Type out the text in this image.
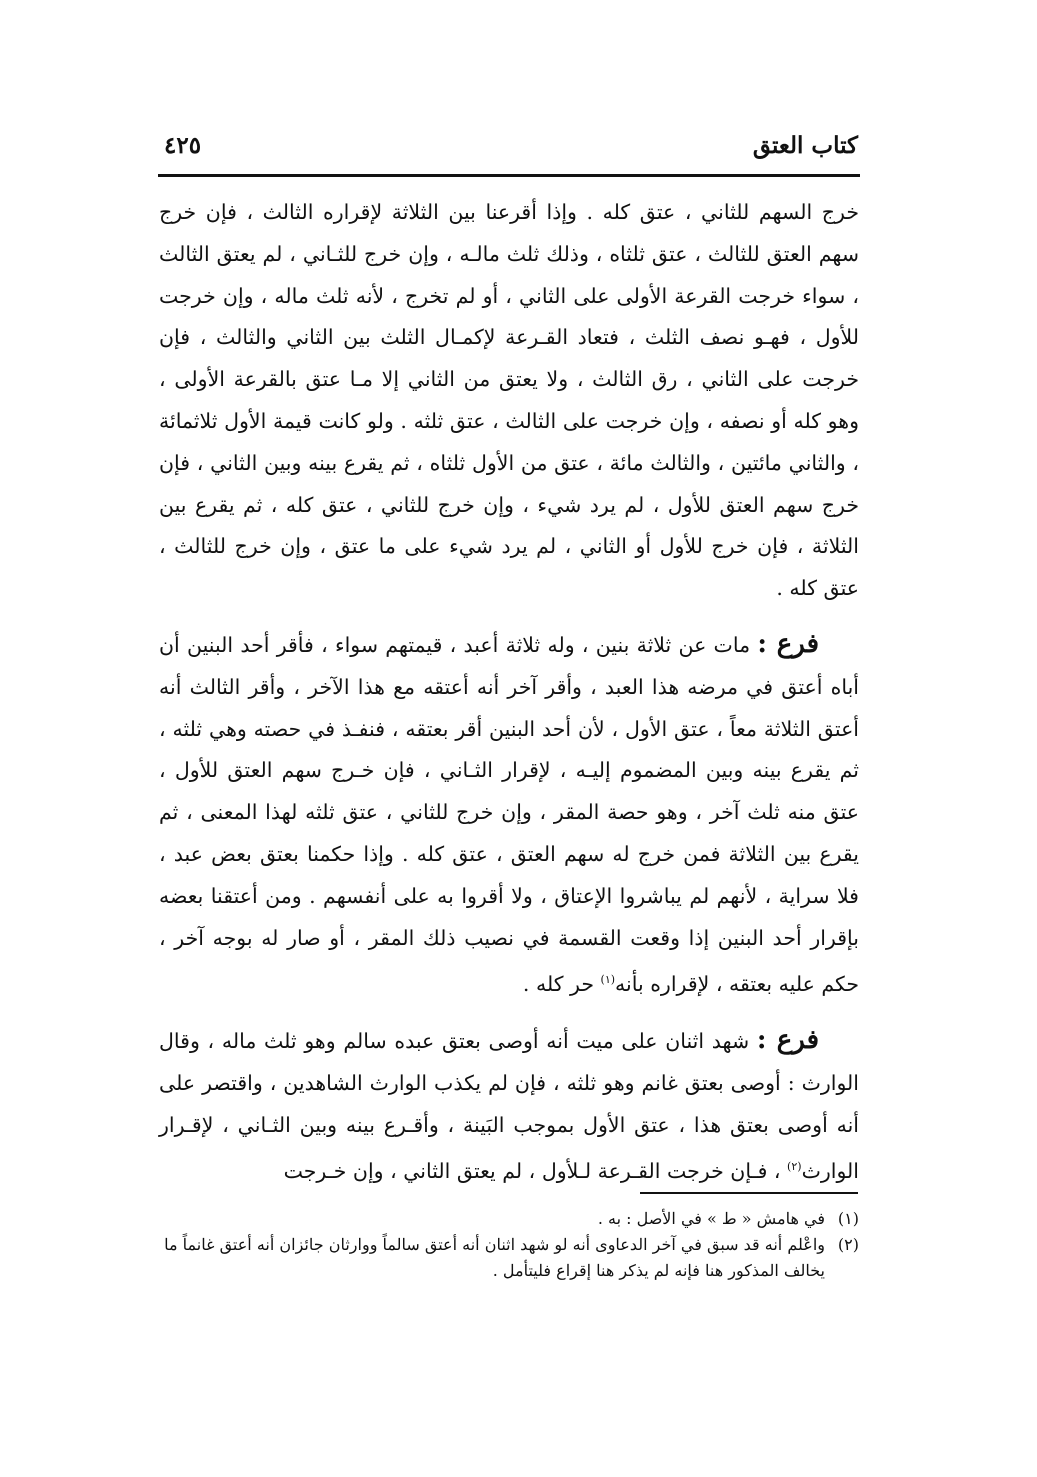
كتاب العتق
٤٢٥

خرج السهم للثاني ، عتق كله . وإذا أقرعنا بين الثلاثة لإقراره الثالث ، فإن خرج سهم العتق للثالث ، عتق ثلثاه ، وذلك ثلث مالـه ، وإن خرج للثـاني ، لم يعتق الثالث ، سواء خرجت القرعة الأولى على الثاني ، أو لم تخرج ، لأنه ثلث ماله ، وإن خرجت للأول ، فهـو نصف الثلث ، فتعاد القـرعة لإكمـال الثلث بين الثاني والثالث ، فإن خرجت على الثاني ، رق الثالث ، ولا يعتق من الثاني إلا مـا عتق بالقرعة الأولى ، وهو كله أو نصفه ، وإن خرجت على الثالث ، عتق ثلثه . ولو كانت قيمة الأول ثلاثمائة ، والثاني مائتين ، والثالث مائة ، عتق من الأول ثلثاه ، ثم يقرع بينه وبين الثاني ، فإن خرج سهم العتق للأول ، لم يرد شيء ، وإن خرج للثاني ، عتق كله ، ثم يقرع بين الثلاثة ، فإن خرج للأول أو الثاني ، لم يرد شيء على ما عتق ، وإن خرج للثالث ، عتق كله .

فرع : مات عن ثلاثة بنين ، وله ثلاثة أعبد ، قيمتهم سواء ، فأقر أحد البنين أن أباه أعتق في مرضه هذا العبد ، وأقر آخر أنه أعتقه مع هذا الآخر ، وأقر الثالث أنه أعتق الثلاثة معاً ، عتق الأول ، لأن أحد البنين أقر بعتقه ، فنفـذ في حصته وهي ثلثه ، ثم يقرع بينه وبين المضموم إليـه ، لإقرار الثـاني ، فإن خـرج سهم العتق للأول ، عتق منه ثلث آخر ، وهو حصة المقر ، وإن خرج للثاني ، عتق ثلثه لهذا المعنى ، ثم يقرع بين الثلاثة فمن خرج له سهم العتق ، عتق كله . وإذا حكمنا بعتق بعض عبد ، فلا سراية ، لأنهم لم يباشروا الإعتاق ، ولا أقروا به على أنفسهم . ومن أعتقنا بعضه بإقرار أحد البنين إذا وقعت القسمة في نصيب ذلك المقر ، أو صار له بوجه آخر ، حكم عليه بعتقه ، لإقراره بأنه$^{(١)}$ حر كله .

فرع : شهد اثنان على ميت أنه أوصى بعتق عبده سالم وهو ثلث ماله ، وقال الوارث : أوصى بعتق غانم وهو ثلثه ، فإن لم يكذب الوارث الشاهدين ، واقتصر على أنه أوصى بعتق هذا ، عتق الأول بموجب البَينة ، وأقـرع بينه وبين الثـاني ، لإقـرار الوارث$^{(٢)}$ ، فـإن خرجت القـرعة لـلأول ، لم يعتق الثاني ، وإن خـرجت

(١)
في هامش « ط » في الأصل : به .
(٢)
واعْلم أنه قد سبق في آخر الدعاوى أنه لو شهد اثنان أنه أعتق سالماً ووارثان جائزان أنه أعتق غانماً ما يخالف المذكور هنا فإنه لم يذكر هنا إقراع فليتأمل .
